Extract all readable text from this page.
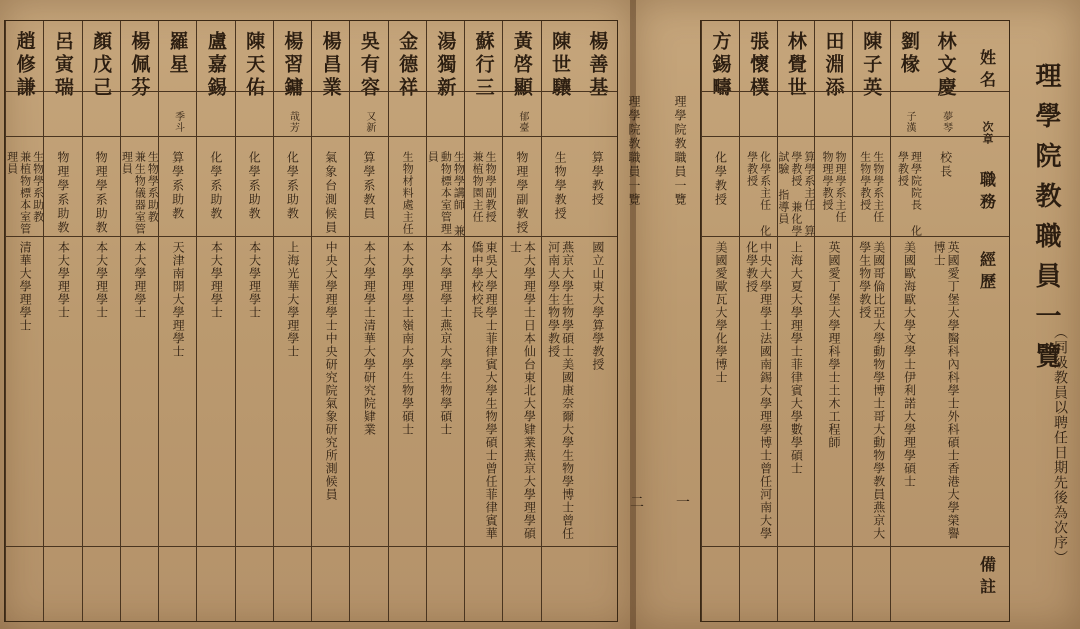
理學院教職員一覽
（同級教員以聘任日期先後為次序）
理學院教職員一覽
一
理學院教職員一覽
二
姓名
次章
職務
經歷
備註
林文慶
夢琴
校長
英國愛丁堡大學醫科內科學士外科碩士香港大學榮譽博士
劉椽
子漢
理學院院長 化學教授
美國歐海歐大學文學士伊利諾大學理學碩士
陳子英
生物學系主任 生物學教授
美國哥倫比亞大學動物學博士哥大動物學教員燕京大學生物學教授
田淵添
物理學系主任 物理學教授
英國愛丁堡大學理科學士土木工程師
林覺世
算學系主任 算學教授 兼化學試驗 指導員
上海大夏大學理學士菲律賓大學數學碩士
張懷樸
化學系主任 化學教授
中央大學理學士法國南錫大學理學博士曾任河南大學化學教授
方錫疇
化學教授
美國愛歐瓦大學化學博士
楊善基
算學教授
國立山東大學算學教授
陳世驤
生物學教授
燕京大學生物學碩士美國康奈爾大學生物學博士曾任河南大學生物學教授
黃啓顯
郁臺
物理學副教授
本大學理學士日本仙台東北大學肄業燕京大學理學碩士
蘇行三
生物學副教授 兼植物園主任
東吳大學理學士菲律賓大學生物學碩士曾任菲律賓華僑中學校校長
湯獨新
生物學講師 兼動物標本室管理員
本大學理學士燕京大學生物學碩士
金德祥
生物材料處主任
本大學理學士嶺南大學生物學碩士
吳有容
又新
算學系教員
本大學理學士清華大學研究院肄業
楊昌業
氣象台測候員
中央大學理學士中央研究院氣象研究所測候員
楊習鏞
哉芳
化學系助教
上海光華大學理學士
陳天佑
化學系助教
本大學理學士
盧嘉錫
化學系助教
本大學理學士
羅星
季斗
算學系助教
天津南開大學理學士
楊佩芬
生物學系助教 兼生物儀器室管理員
本大學理學士
顏戊己
物理學系助教
本大學理學士
呂寅瑞
物理學系助教
本大學理學士
趙修謙
生物學系助教 兼植物標本室管理員
清華大學理學士
